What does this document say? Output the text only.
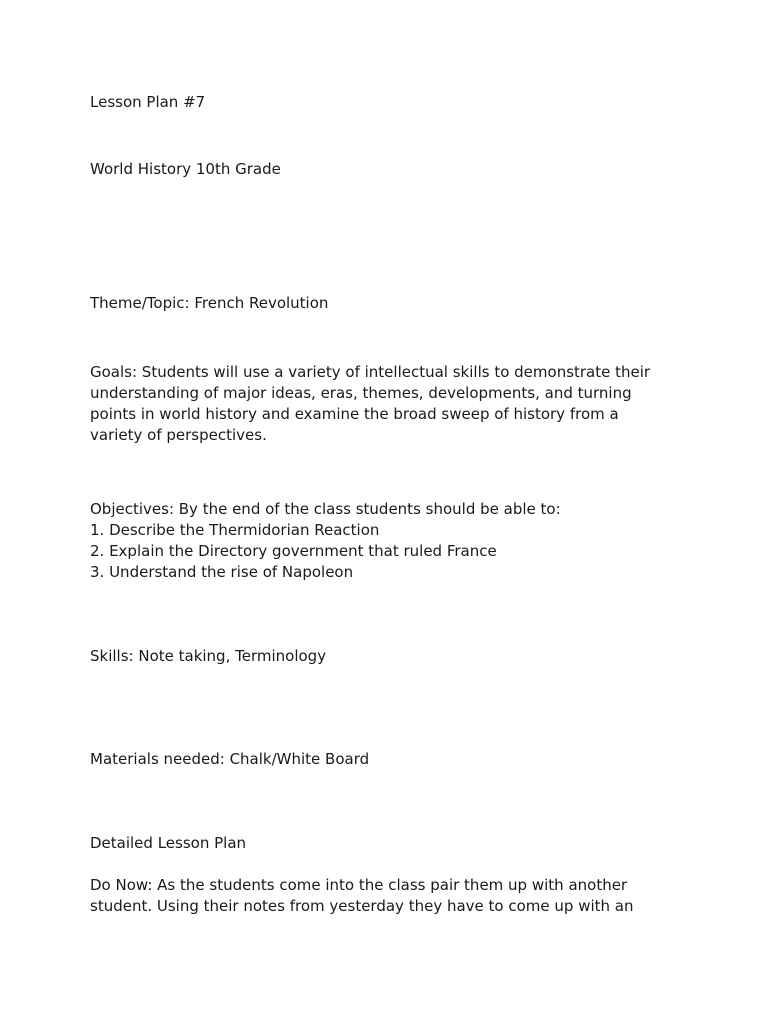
Lesson Plan #7
World History 10th Grade
Theme/Topic: French Revolution
Goals: Students will use a variety of intellectual skills to demonstrate their
understanding of major ideas, eras, themes, developments, and turning
points in world history and examine the broad sweep of history from a
variety of perspectives.
Objectives: By the end of the class students should be able to:
1. Describe the Thermidorian Reaction
2. Explain the Directory government that ruled France
3. Understand the rise of Napoleon
Skills: Note taking, Terminology
Materials needed: Chalk/White Board
Detailed Lesson Plan
Do Now: As the students come into the class pair them up with another
student. Using their notes from yesterday they have to come up with an
